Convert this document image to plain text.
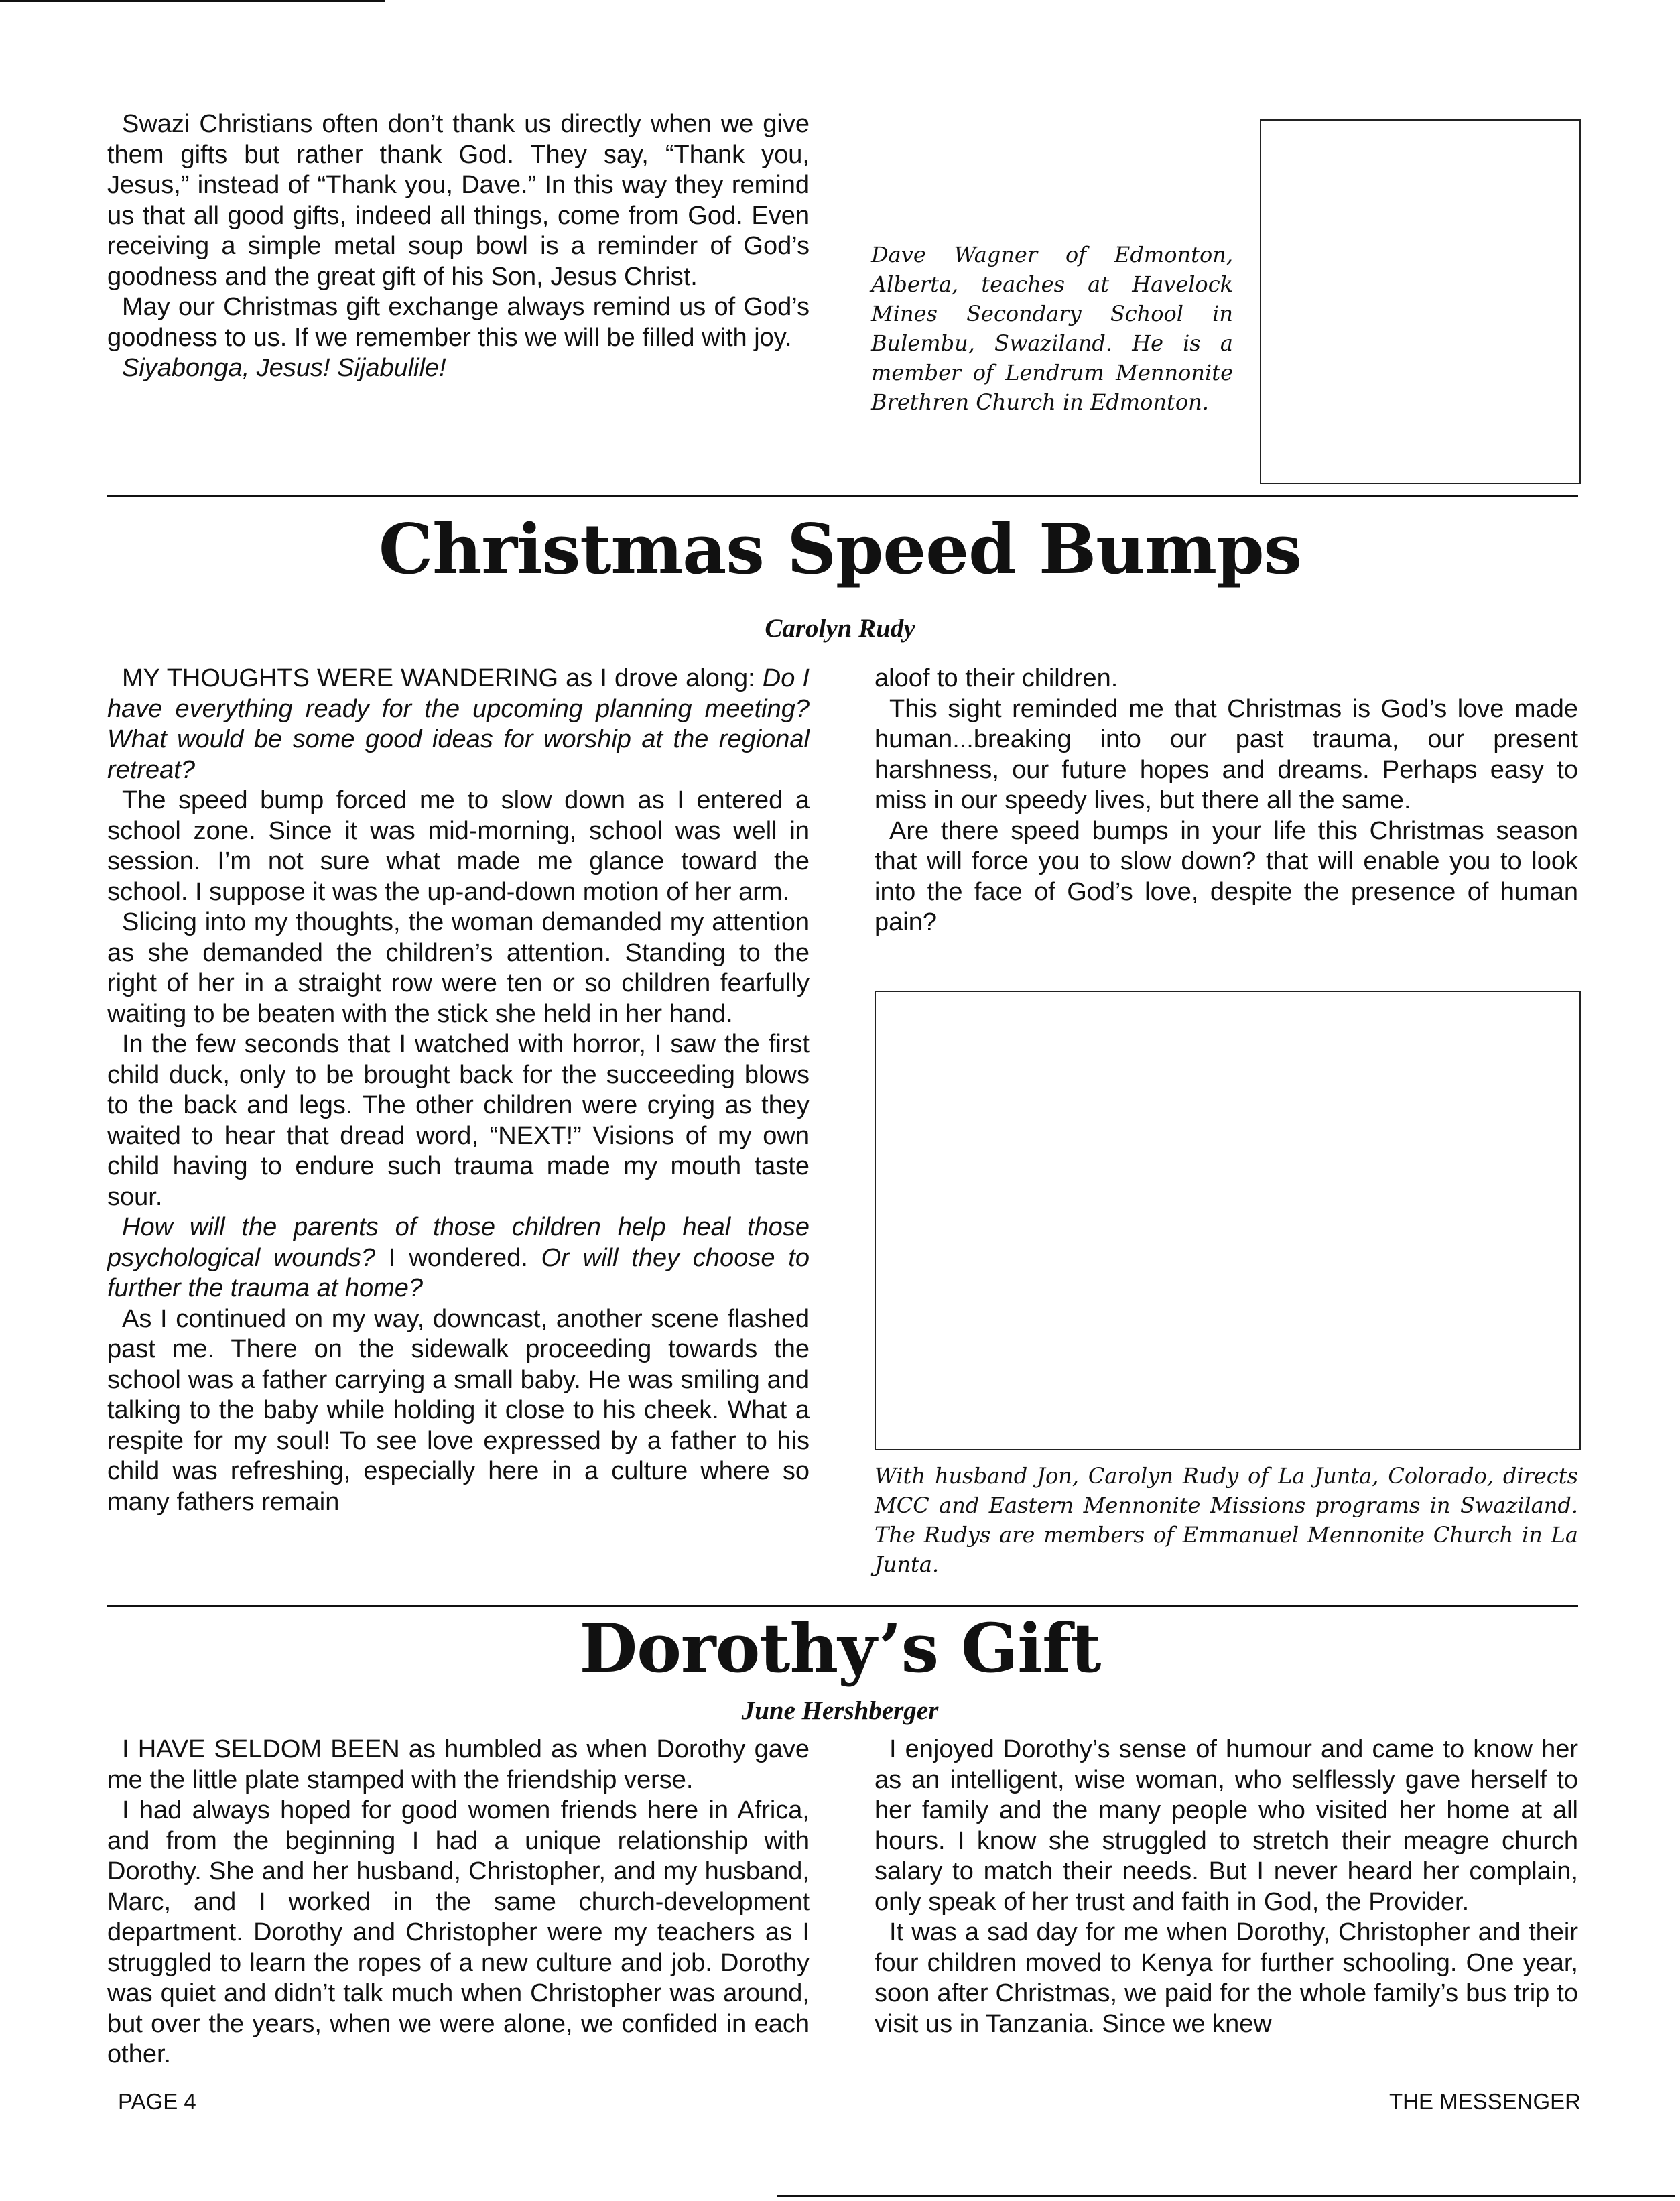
Swazi Christians often don’t thank us directly when we give them gifts but rather thank God. They say, “Thank you, Jesus,” instead of “Thank you, Dave.” In this way they remind us that all good gifts, indeed all things, come from God. Even receiving a simple metal soup bowl is a reminder of God’s goodness and the great gift of his Son, Jesus Christ.

May our Christmas gift exchange always remind us of God’s goodness to us. If we remember this we will be filled with joy.

Siyabonga, Jesus! Sijabulile!

Dave Wagner of Edmonton, Alberta, teaches at Havelock Mines Secondary School in Bulembu, Swaziland. He is a member of Lendrum Mennonite Brethren Church in Edmonton.

Christmas Speed Bumps
Carolyn Rudy

MY THOUGHTS WERE WANDERING as I drove along: Do I have everything ready for the upcoming planning meeting? What would be some good ideas for worship at the regional retreat?

The speed bump forced me to slow down as I entered a school zone. Since it was mid-morning, school was well in session. I’m not sure what made me glance toward the school. I suppose it was the up-and-down motion of her arm.

Slicing into my thoughts, the woman demanded my attention as she demanded the children’s attention. Standing to the right of her in a straight row were ten or so children fearfully waiting to be beaten with the stick she held in her hand.

In the few seconds that I watched with horror, I saw the first child duck, only to be brought back for the succeeding blows to the back and legs. The other children were crying as they waited to hear that dread word, “NEXT!” Visions of my own child having to endure such trauma made my mouth taste sour.

How will the parents of those children help heal those psychological wounds? I wondered. Or will they choose to further the trauma at home?

As I continued on my way, downcast, another scene flashed past me. There on the sidewalk proceeding towards the school was a father carrying a small baby. He was smiling and talking to the baby while holding it close to his cheek. What a respite for my soul! To see love expressed by a father to his child was refreshing, especially here in a culture where so many fathers remain

aloof to their children.

This sight reminded me that Christmas is God’s love made human...breaking into our past trauma, our present harshness, our future hopes and dreams. Perhaps easy to miss in our speedy lives, but there all the same.

Are there speed bumps in your life this Christmas season that will force you to slow down? that will enable you to look into the face of God’s love, despite the presence of human pain?

With husband Jon, Carolyn Rudy of La Junta, Colorado, directs MCC and Eastern Mennonite Missions programs in Swaziland. The Rudys are members of Emmanuel Mennonite Church in La Junta.

Dorothy’s Gift
June Hershberger

I HAVE SELDOM BEEN as humbled as when Dorothy gave me the little plate stamped with the friendship verse.

I had always hoped for good women friends here in Africa, and from the beginning I had a unique relationship with Dorothy. She and her husband, Christopher, and my husband, Marc, and I worked in the same church-development department. Dorothy and Christopher were my teachers as I struggled to learn the ropes of a new culture and job. Dorothy was quiet and didn’t talk much when Christopher was around, but over the years, when we were alone, we confided in each other.

I enjoyed Dorothy’s sense of humour and came to know her as an intelligent, wise woman, who selflessly gave herself to her family and the many people who visited her home at all hours. I know she struggled to stretch their meagre church salary to match their needs. But I never heard her complain, only speak of her trust and faith in God, the Provider.

It was a sad day for me when Dorothy, Christopher and their four children moved to Kenya for further schooling. One year, soon after Christmas, we paid for the whole family’s bus trip to visit us in Tanzania. Since we knew

PAGE 4	THE MESSENGER
